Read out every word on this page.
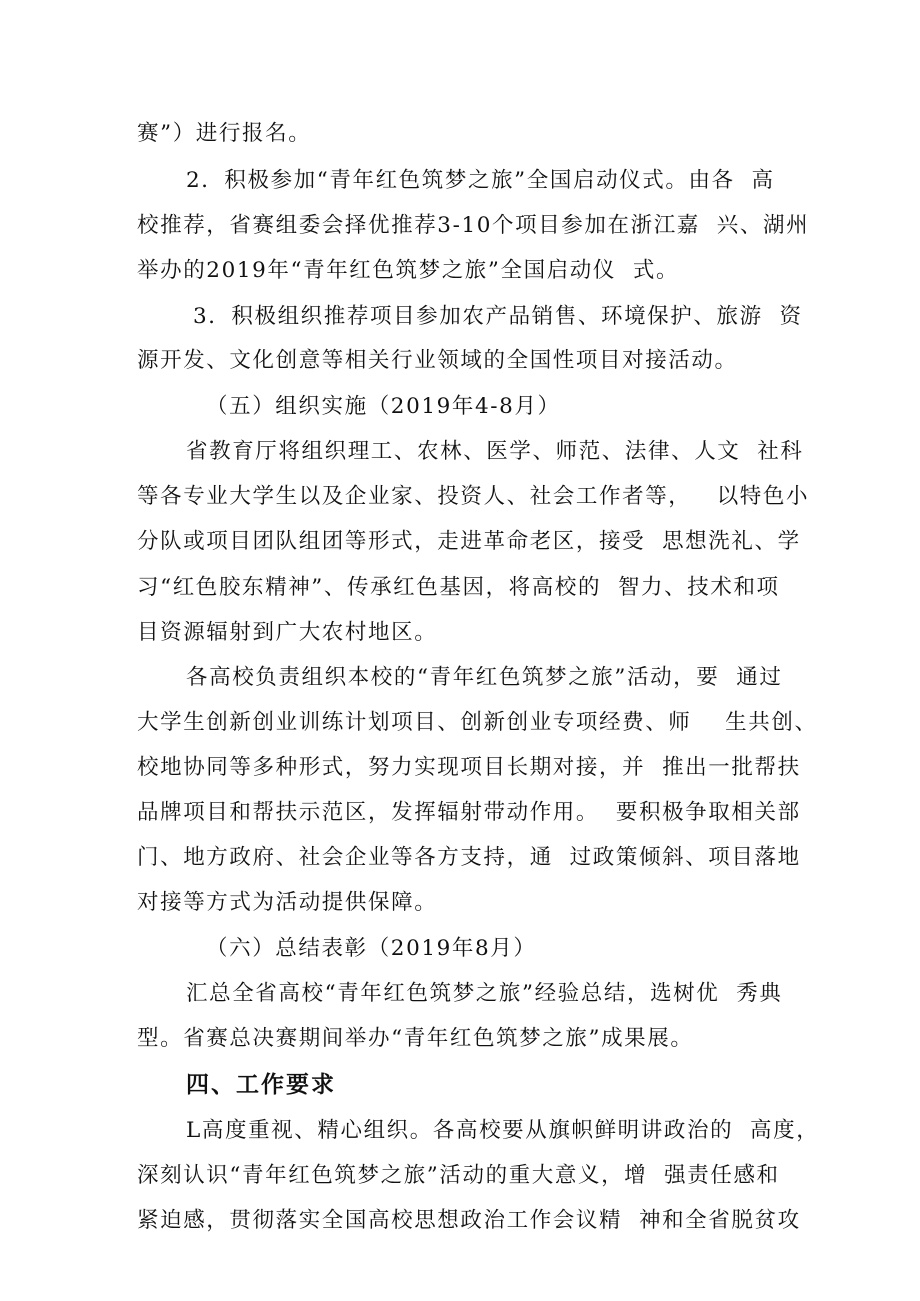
赛”）进行报名。
2．积极参加“青年红色筑梦之旅”全国启动仪式。由各  高
校推荐，省赛组委会择优推荐3-10个项目参加在浙江嘉  兴、湖州
举办的2019年“青年红色筑梦之旅”全国启动仪  式。
3．积极组织推荐项目参加农产品销售、环境保护、旅游  资
源开发、文化创意等相关行业领域的全国性项目对接活动。
（五）组织实施（2019年4-8月）
省教育厅将组织理工、农林、医学、师范、法律、人文  社科
等各专业大学生以及企业家、投资人、社会工作者等，   以特色小
分队或项目团队组团等形式，走进革命老区，接受  思想洗礼、学
习“红色胶东精神”、传承红色基因，将高校的  智力、技术和项
目资源辐射到广大农村地区。
各高校负责组织本校的“青年红色筑梦之旅”活动，要  通过
大学生创新创业训练计划项目、创新创业专项经费、师    生共创、
校地协同等多种形式，努力实现项目长期对接，并  推出一批帮扶
品牌项目和帮扶示范区，发挥辐射带动作用。  要积极争取相关部
门、地方政府、社会企业等各方支持，通  过政策倾斜、项目落地
对接等方式为活动提供保障。
（六）总结表彰（2019年8月）
汇总全省高校“青年红色筑梦之旅”经验总结，选树优  秀典
型。省赛总决赛期间举办“青年红色筑梦之旅”成果展。
四、工作要求
L高度重视、精心组织。各高校要从旗帜鲜明讲政治的  高度，
深刻认识“青年红色筑梦之旅”活动的重大意义，增  强责任感和
紧迫感，贯彻落实全国高校思想政治工作会议精  神和全省脱贫攻
